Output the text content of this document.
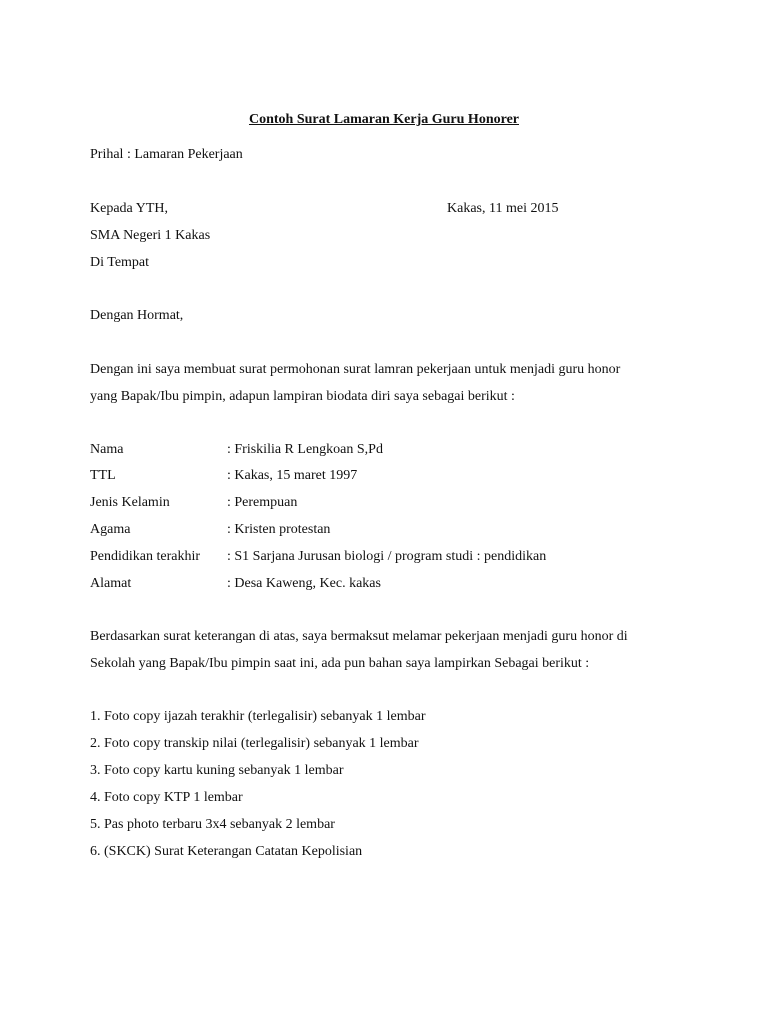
Contoh Surat Lamaran Kerja Guru Honorer
Prihal : Lamaran Pekerjaan
Kepada YTH,	Kakas, 11 mei 2015
SMA Negeri 1 Kakas
Di Tempat
Dengan Hormat,
Dengan ini saya membuat surat permohonan surat lamran pekerjaan untuk menjadi guru honor
yang Bapak/Ibu pimpin, adapun lampiran biodata diri saya sebagai berikut :
Nama	: Friskilia R Lengkoan S,Pd
TTL	: Kakas, 15 maret 1997
Jenis Kelamin	: Perempuan
Agama	: Kristen protestan
Pendidikan terakhir : S1 Sarjana Jurusan biologi / program studi : pendidikan
Alamat	: Desa Kaweng, Kec. kakas
Berdasarkan surat keterangan di atas, saya bermaksut melamar pekerjaan menjadi guru honor di
Sekolah yang Bapak/Ibu pimpin saat ini, ada pun bahan saya lampirkan Sebagai berikut :
1. Foto copy ijazah terakhir (terlegalisir) sebanyak 1 lembar
2. Foto copy transkip nilai (terlegalisir) sebanyak 1 lembar
3. Foto copy kartu kuning sebanyak 1 lembar
4. Foto copy KTP 1 lembar
5. Pas photo terbaru 3x4 sebanyak 2 lembar
6. (SKCK) Surat Keterangan Catatan Kepolisian
